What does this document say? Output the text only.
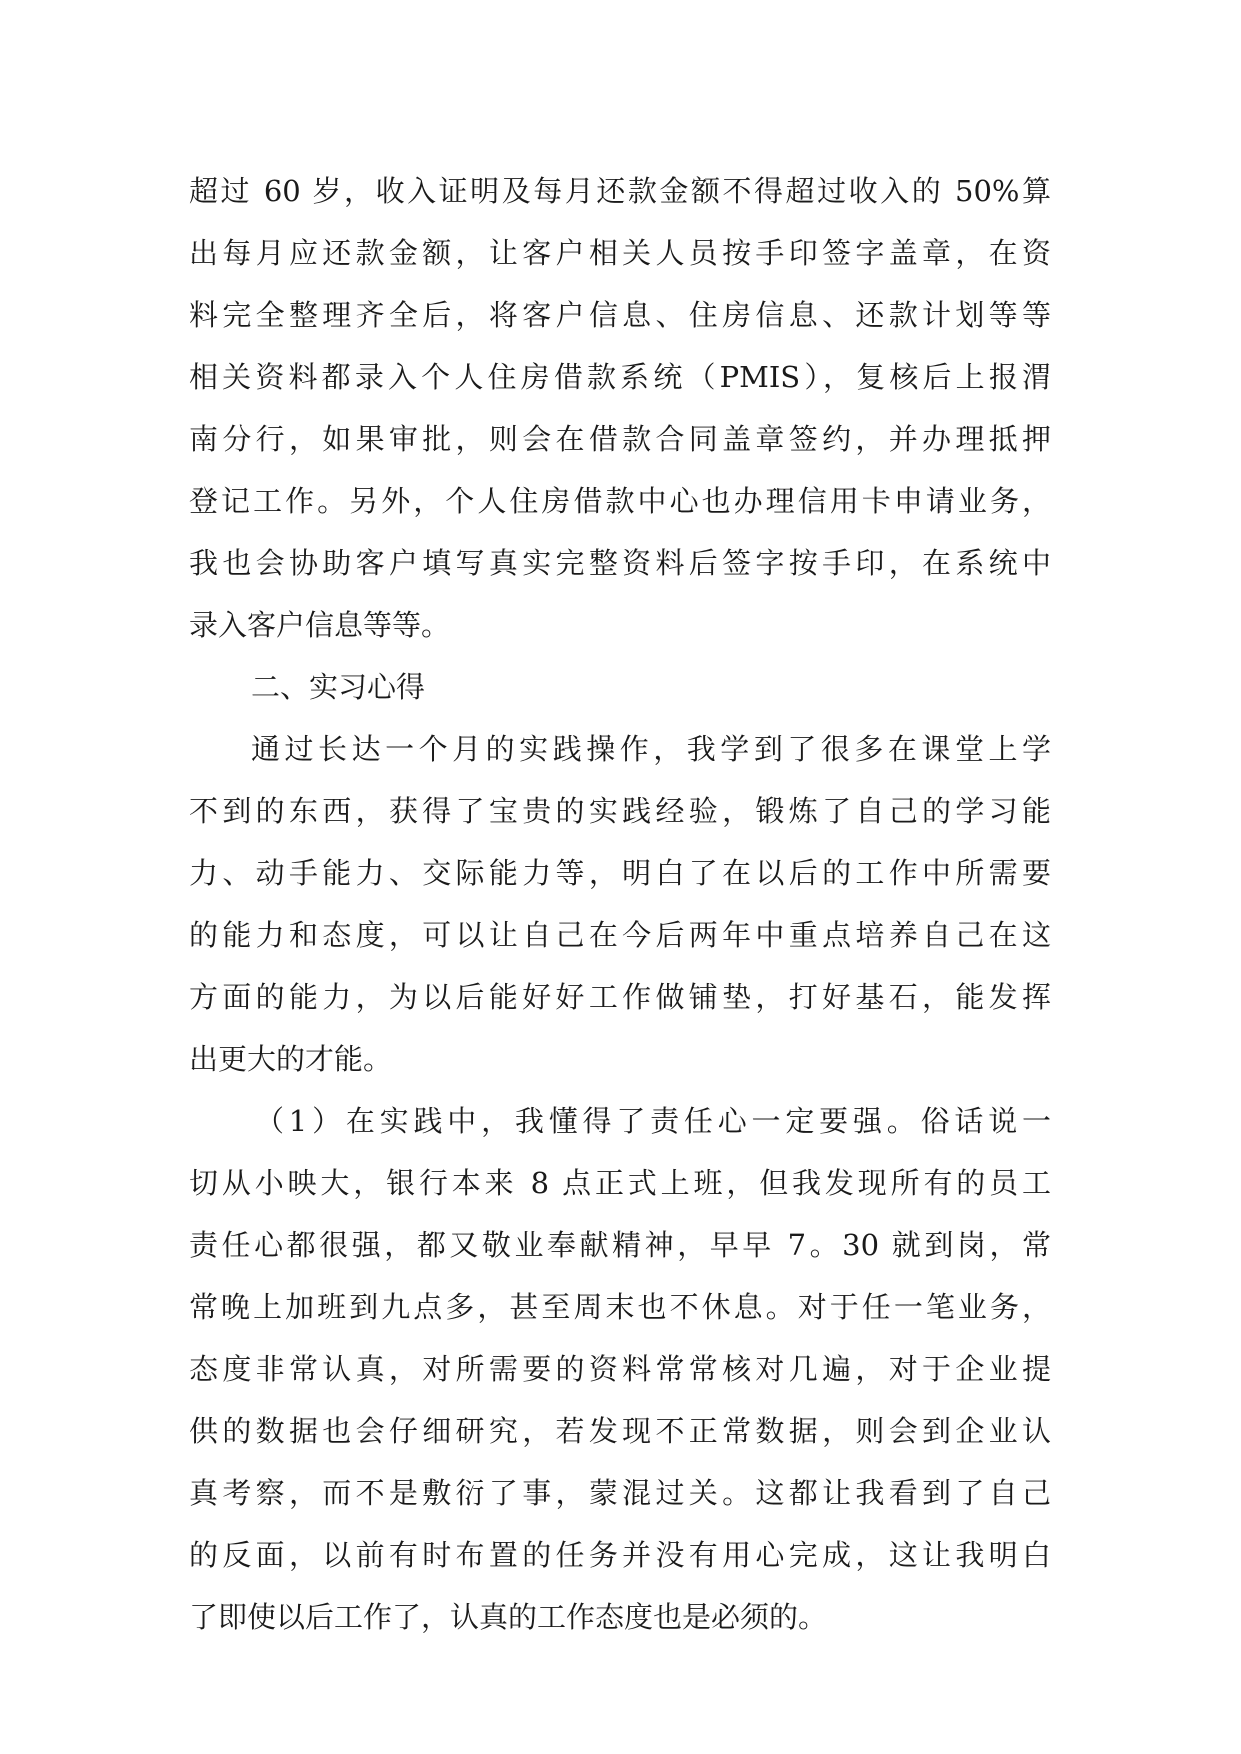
超过 60 岁，收入证明及每月还款金额不得超过收入的 50%算
出每月应还款金额，让客户相关人员按手印签字盖章，在资
料完全整理齐全后，将客户信息、住房信息、还款计划等等
相关资料都录入个人住房借款系统（PMIS），复核后上报渭
南分行，如果审批，则会在借款合同盖章签约，并办理抵押
登记工作。另外，个人住房借款中心也办理信用卡申请业务，
我也会协助客户填写真实完整资料后签字按手印，在系统中
录入客户信息等等。
二、实习心得
通过长达一个月的实践操作，我学到了很多在课堂上学
不到的东西，获得了宝贵的实践经验，锻炼了自己的学习能
力、动手能力、交际能力等，明白了在以后的工作中所需要
的能力和态度，可以让自己在今后两年中重点培养自己在这
方面的能力，为以后能好好工作做铺垫，打好基石，能发挥
出更大的才能。
（1）在实践中，我懂得了责任心一定要强。俗话说一
切从小映大，银行本来 8 点正式上班，但我发现所有的员工
责任心都很强，都又敬业奉献精神，早早 7。30 就到岗，常
常晚上加班到九点多，甚至周末也不休息。对于任一笔业务，
态度非常认真，对所需要的资料常常核对几遍，对于企业提
供的数据也会仔细研究，若发现不正常数据，则会到企业认
真考察，而不是敷衍了事，蒙混过关。这都让我看到了自己
的反面，以前有时布置的任务并没有用心完成，这让我明白
了即使以后工作了，认真的工作态度也是必须的。
